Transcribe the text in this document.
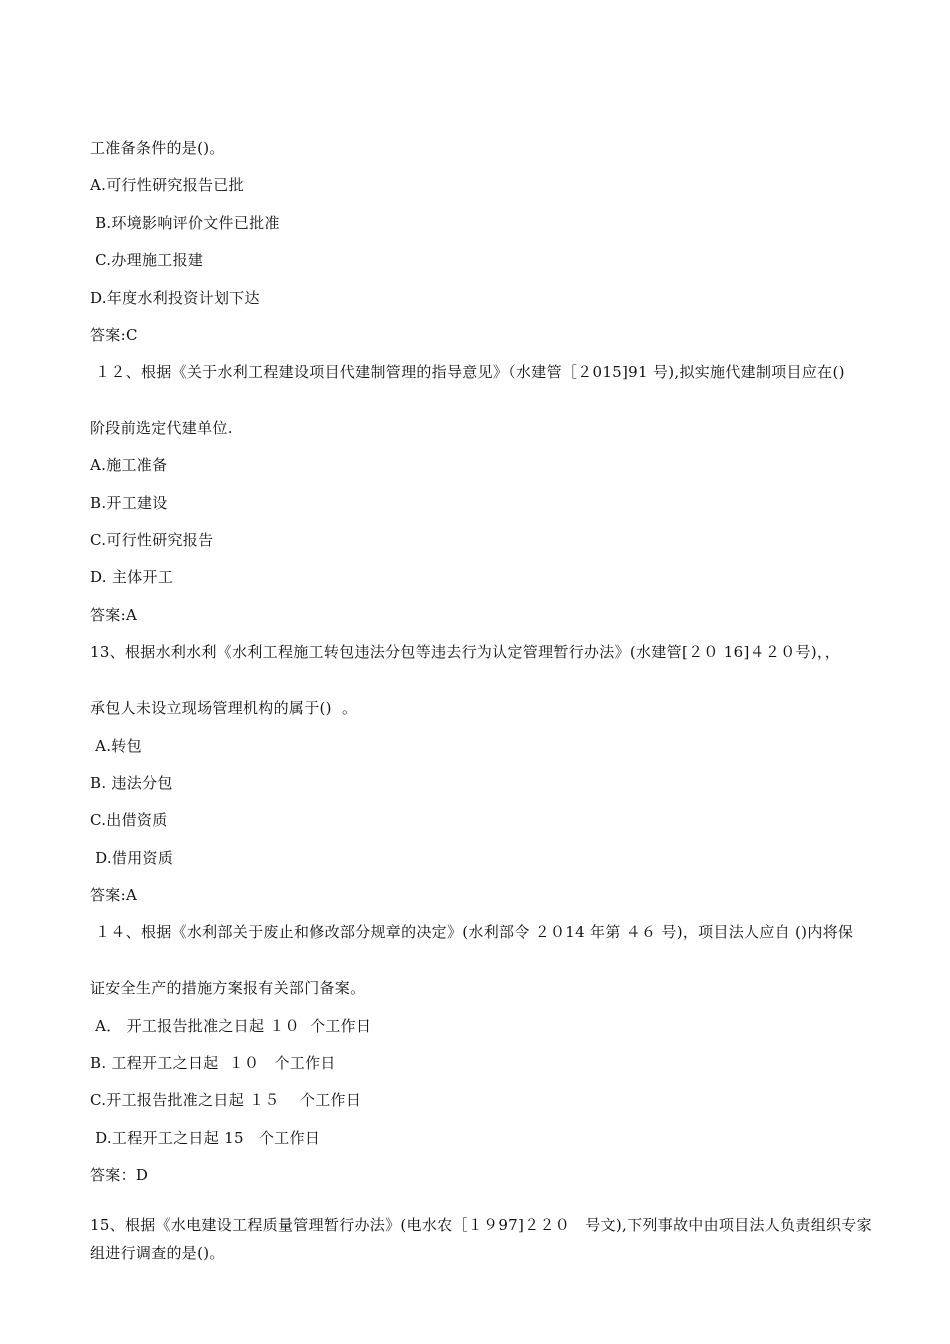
工准备条件的是()。
A.可行性研究报告已批
B.环境影响评价文件已批准
C.办理施工报建
D.年度水利投资计划下达
答案:C
１２、根据《关于水利工程建设项目代建制管理的指导意见》（水建管［２015]91 号),拟实施代建制项目应在()
阶段前选定代建单位.
A.施工准备
B.开工建设
C.可行性研究报告
D. 主体开工
答案:A
13、根据水利水利《水利工程施工转包违法分包等违去行为认定管理暂行办法》(水建管[２０ 16]４２０号)，，
承包人未设立现场管理机构的属于()  。
A.转包
B. 违法分包
C.出借资质
D.借用资质
答案:A
１４、根据《水利部关于废止和修改部分规章的决定》(水利部令 ２０14 年第 ４６ 号)，项目法人应自 ()内将保
证安全生产的措施方案报有关部门备案。
A． 开工报告批准之日起 １０  个工作日
B. 工程开工之日起  １０   个工作日
C.开工报告批准之日起 １５    个工作日
D.工程开工之日起 15   个工作日
答案：D
15、根据《水电建设工程质量管理暂行办法》(电水农［１９97]２２０   号文),下列事故中由项目法人负责组织专家组进行调查的是()。
